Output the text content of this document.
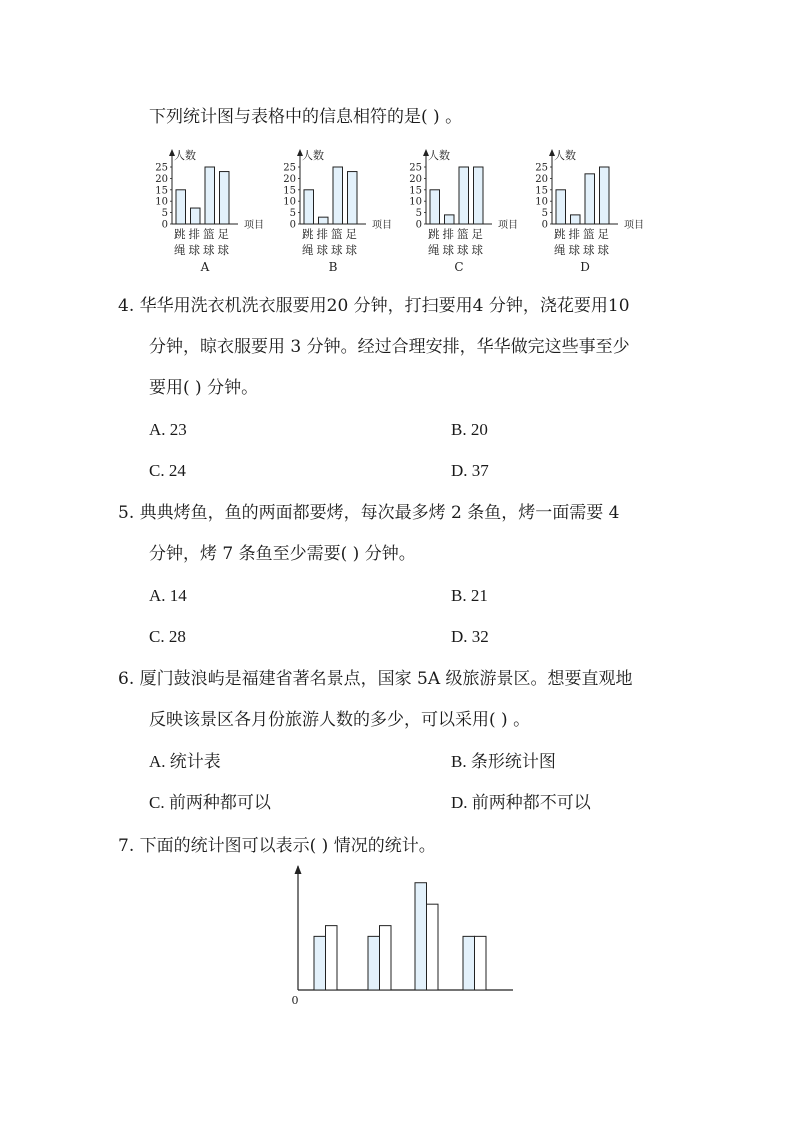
下列统计图与表格中的信息相符的是( ) 。
人数
项目
25
20
15
10
5
0
跳 排 篮 足
绳 球 球 球
A
人数
项目
25
20
15
10
5
0
跳 排 篮 足
绳 球 球 球
B
人数
项目
25
20
15
10
5
0
跳 排 篮 足
绳 球 球 球
C
人数
项目
25
20
15
10
5
0
跳 排 篮 足
绳 球 球 球
D
4. 华华用洗衣机洗衣服要用20 分钟，打扫要用4 分钟，浇花要用10
分钟，晾衣服要用 3 分钟。经过合理安排，华华做完这些事至少
要用( ) 分钟。
A. 23	B. 20
C. 24	D. 37
5. 典典烤鱼，鱼的两面都要烤，每次最多烤 2 条鱼，烤一面需要 4
分钟，烤 7 条鱼至少需要( ) 分钟。
A. 14	B. 21
C. 28	D. 32
6. 厦门鼓浪屿是福建省著名景点，国家 5A 级旅游景区。想要直观地
反映该景区各月份旅游人数的多少，可以采用( ) 。
A. 统计表	B. 条形统计图
C. 前两种都可以	D. 前两种都不可以
7. 下面的统计图可以表示( ) 情况的统计。
0
